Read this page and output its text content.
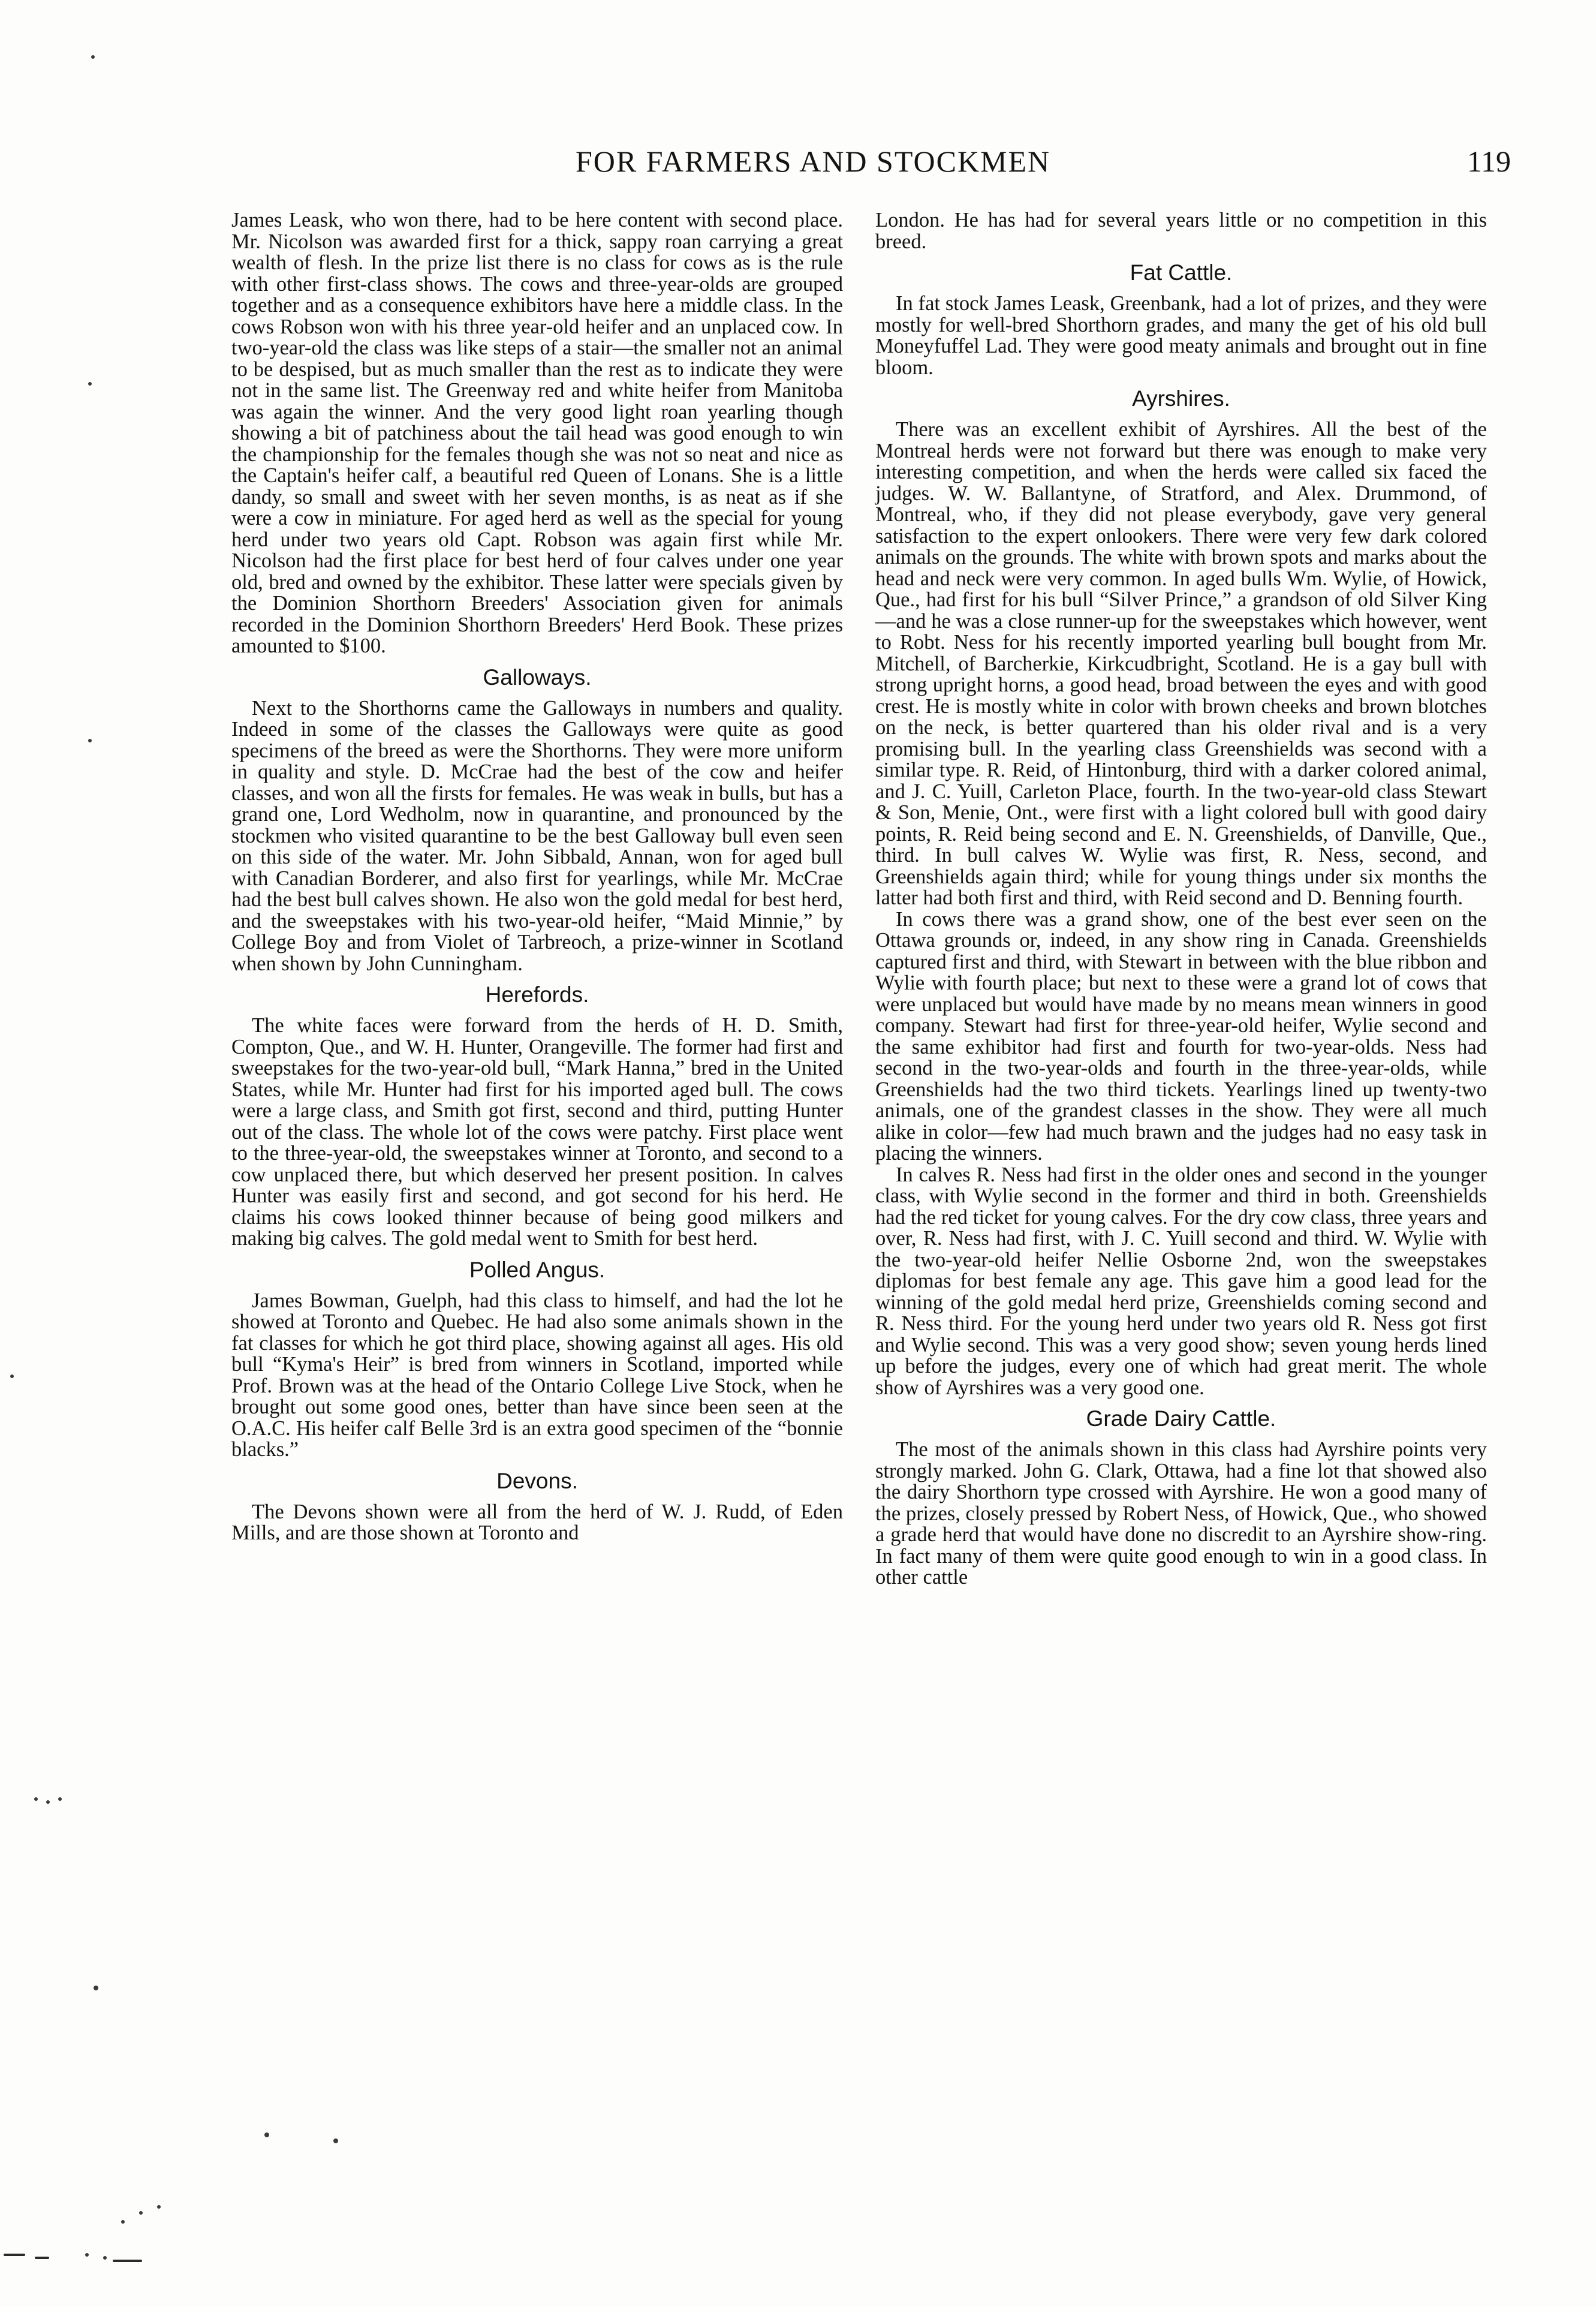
FOR FARMERS AND STOCKMEN	119

James Leask, who won there, had to be here content with second place. Mr. Nicolson was awarded first for a thick, sappy roan carrying a great wealth of flesh. In the prize list there is no class for cows as is the rule with other first-class shows. The cows and three-year-olds are grouped together and as a consequence exhibitors have here a middle class. In the cows Robson won with his three year-old heifer and an unplaced cow. In two-year-old the class was like steps of a stair—the smaller not an animal to be despised, but as much smaller than the rest as to indicate they were not in the same list. The Greenway red and white heifer from Manitoba was again the winner. And the very good light roan yearling though showing a bit of patchiness about the tail head was good enough to win the championship for the females though she was not so neat and nice as the Captain's heifer calf, a beautiful red Queen of Lonans. She is a little dandy, so small and sweet with her seven months, is as neat as if she were a cow in miniature. For aged herd as well as the special for young herd under two years old Capt. Robson was again first while Mr. Nicolson had the first place for best herd of four calves under one year old, bred and owned by the exhibitor. These latter were specials given by the Dominion Shorthorn Breeders' Association given for animals recorded in the Dominion Shorthorn Breeders' Herd Book. These prizes amounted to $100.

Galloways.

Next to the Shorthorns came the Galloways in numbers and quality. Indeed in some of the classes the Galloways were quite as good specimens of the breed as were the Shorthorns. They were more uniform in quality and style. D. McCrae had the best of the cow and heifer classes, and won all the firsts for females. He was weak in bulls, but has a grand one, Lord Wedholm, now in quarantine, and pronounced by the stockmen who visited quarantine to be the best Galloway bull even seen on this side of the water. Mr. John Sibbald, Annan, won for aged bull with Canadian Borderer, and also first for yearlings, while Mr. McCrae had the best bull calves shown. He also won the gold medal for best herd, and the sweepstakes with his two-year-old heifer, “Maid Minnie,” by College Boy and from Violet of Tarbreoch, a prize-winner in Scotland when shown by John Cunningham.

Herefords.

The white faces were forward from the herds of H. D. Smith, Compton, Que., and W. H. Hunter, Orangeville. The former had first and sweepstakes for the two-year-old bull, “Mark Hanna,” bred in the United States, while Mr. Hunter had first for his imported aged bull. The cows were a large class, and Smith got first, second and third, putting Hunter out of the class. The whole lot of the cows were patchy. First place went to the three-year-old, the sweepstakes winner at Toronto, and second to a cow unplaced there, but which deserved her present position. In calves Hunter was easily first and second, and got second for his herd. He claims his cows looked thinner because of being good milkers and making big calves. The gold medal went to Smith for best herd.

Polled Angus.

James Bowman, Guelph, had this class to himself, and had the lot he showed at Toronto and Quebec. He had also some animals shown in the fat classes for which he got third place, showing against all ages. His old bull “Kyma's Heir” is bred from winners in Scotland, imported while Prof. Brown was at the head of the Ontario College Live Stock, when he brought out some good ones, better than have since been seen at the O.A.C. His heifer calf Belle 3rd is an extra good specimen of the “bonnie blacks.”

Devons.

The Devons shown were all from the herd of W. J. Rudd, of Eden Mills, and are those shown at Toronto and

London. He has had for several years little or no competition in this breed.

Fat Cattle.

In fat stock James Leask, Greenbank, had a lot of prizes, and they were mostly for well-bred Shorthorn grades, and many the get of his old bull Moneyfuffel Lad. They were good meaty animals and brought out in fine bloom.

Ayrshires.

There was an excellent exhibit of Ayrshires. All the best of the Montreal herds were not forward but there was enough to make very interesting competition, and when the herds were called six faced the judges. W. W. Ballantyne, of Stratford, and Alex. Drummond, of Montreal, who, if they did not please everybody, gave very general satisfaction to the expert onlookers. There were very few dark colored animals on the grounds. The white with brown spots and marks about the head and neck were very common. In aged bulls Wm. Wylie, of Howick, Que., had first for his bull “Silver Prince,” a grandson of old Silver King—and he was a close runner-up for the sweepstakes which however, went to Robt. Ness for his recently imported yearling bull bought from Mr. Mitchell, of Barcherkie, Kirkcudbright, Scotland. He is a gay bull with strong upright horns, a good head, broad between the eyes and with good crest. He is mostly white in color with brown cheeks and brown blotches on the neck, is better quartered than his older rival and is a very promising bull. In the yearling class Greenshields was second with a similar type. R. Reid, of Hintonburg, third with a darker colored animal, and J. C. Yuill, Carleton Place, fourth. In the two-year-old class Stewart & Son, Menie, Ont., were first with a light colored bull with good dairy points, R. Reid being second and E. N. Greenshields, of Danville, Que., third. In bull calves W. Wylie was first, R. Ness, second, and Greenshields again third; while for young things under six months the latter had both first and third, with Reid second and D. Benning fourth.

In cows there was a grand show, one of the best ever seen on the Ottawa grounds or, indeed, in any show ring in Canada. Greenshields captured first and third, with Stewart in between with the blue ribbon and Wylie with fourth place; but next to these were a grand lot of cows that were unplaced but would have made by no means mean winners in good company. Stewart had first for three-year-old heifer, Wylie second and the same exhibitor had first and fourth for two-year-olds. Ness had second in the two-year-olds and fourth in the three-year-olds, while Greenshields had the two third tickets. Yearlings lined up twenty-two animals, one of the grandest classes in the show. They were all much alike in color—few had much brawn and the judges had no easy task in placing the winners.

In calves R. Ness had first in the older ones and second in the younger class, with Wylie second in the former and third in both. Greenshields had the red ticket for young calves. For the dry cow class, three years and over, R. Ness had first, with J. C. Yuill second and third. W. Wylie with the two-year-old heifer Nellie Osborne 2nd, won the sweepstakes diplomas for best female any age. This gave him a good lead for the winning of the gold medal herd prize, Greenshields coming second and R. Ness third. For the young herd under two years old R. Ness got first and Wylie second. This was a very good show; seven young herds lined up before the judges, every one of which had great merit. The whole show of Ayrshires was a very good one.

Grade Dairy Cattle.

The most of the animals shown in this class had Ayrshire points very strongly marked. John G. Clark, Ottawa, had a fine lot that showed also the dairy Shorthorn type crossed with Ayrshire. He won a good many of the prizes, closely pressed by Robert Ness, of Howick, Que., who showed a grade herd that would have done no discredit to an Ayrshire show-ring. In fact many of them were quite good enough to win in a good class. In other cattle
